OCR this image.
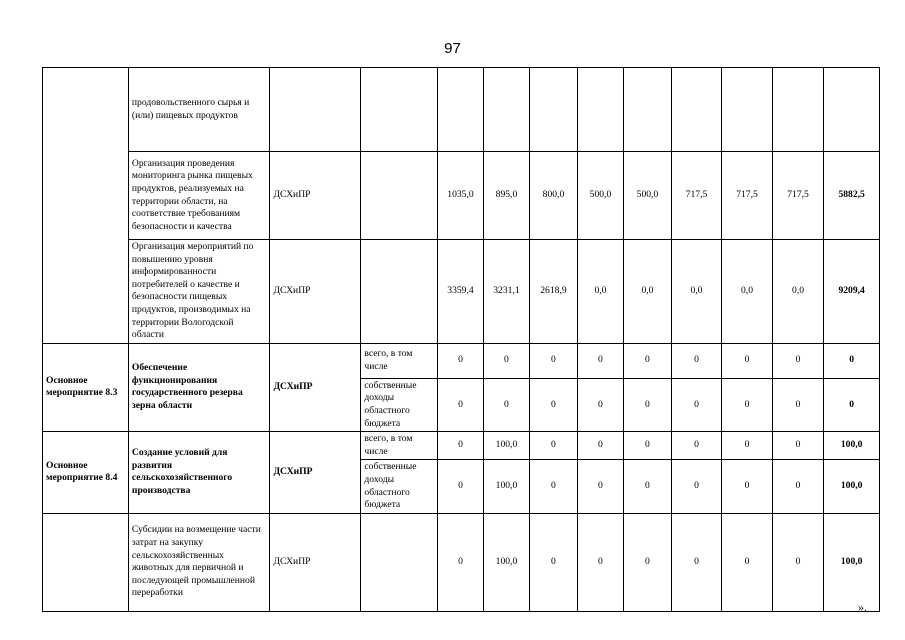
97
	продовольственного сырья и (или) пищевых продуктов											
	Организация проведения мониторинга рынка пищевых продуктов, реализуемых на территории области, на соответствие требованиям безопасности и качества	ДСХиПР		1035,0	895,0	800,0	500,0	500,0	717,5	717,5	717,5	5882,5
	Организация мероприятий по повышению уровня информированности потребителей о качестве и безопасности пищевых продуктов, производимых на территории Вологодской области	ДСХиПР		3359,4	3231,1	2618,9	0,0	0,0	0,0	0,0	0,0	9209,4
Основное мероприятие 8.3	Обеспечение функционирования государственного резерва зерна области	ДСХиПР	всего, в том числе	0	0	0	0	0	0	0	0	0
			собственные доходы областного бюджета	0	0	0	0	0	0	0	0	0
Основное мероприятие 8.4	Создание условий для развития сельскохозяйственного производства	ДСХиПР	всего, в том числе	0	100,0	0	0	0	0	0	0	100,0
			собственные доходы областного бюджета	0	100,0	0	0	0	0	0	0	100,0
	Субсидии на возмещение части затрат на закупку сельскохозяйственных животных для первичной и последующей промышленной переработки	ДСХиПР		0	100,0	0	0	0	0	0	0	100,0
».
